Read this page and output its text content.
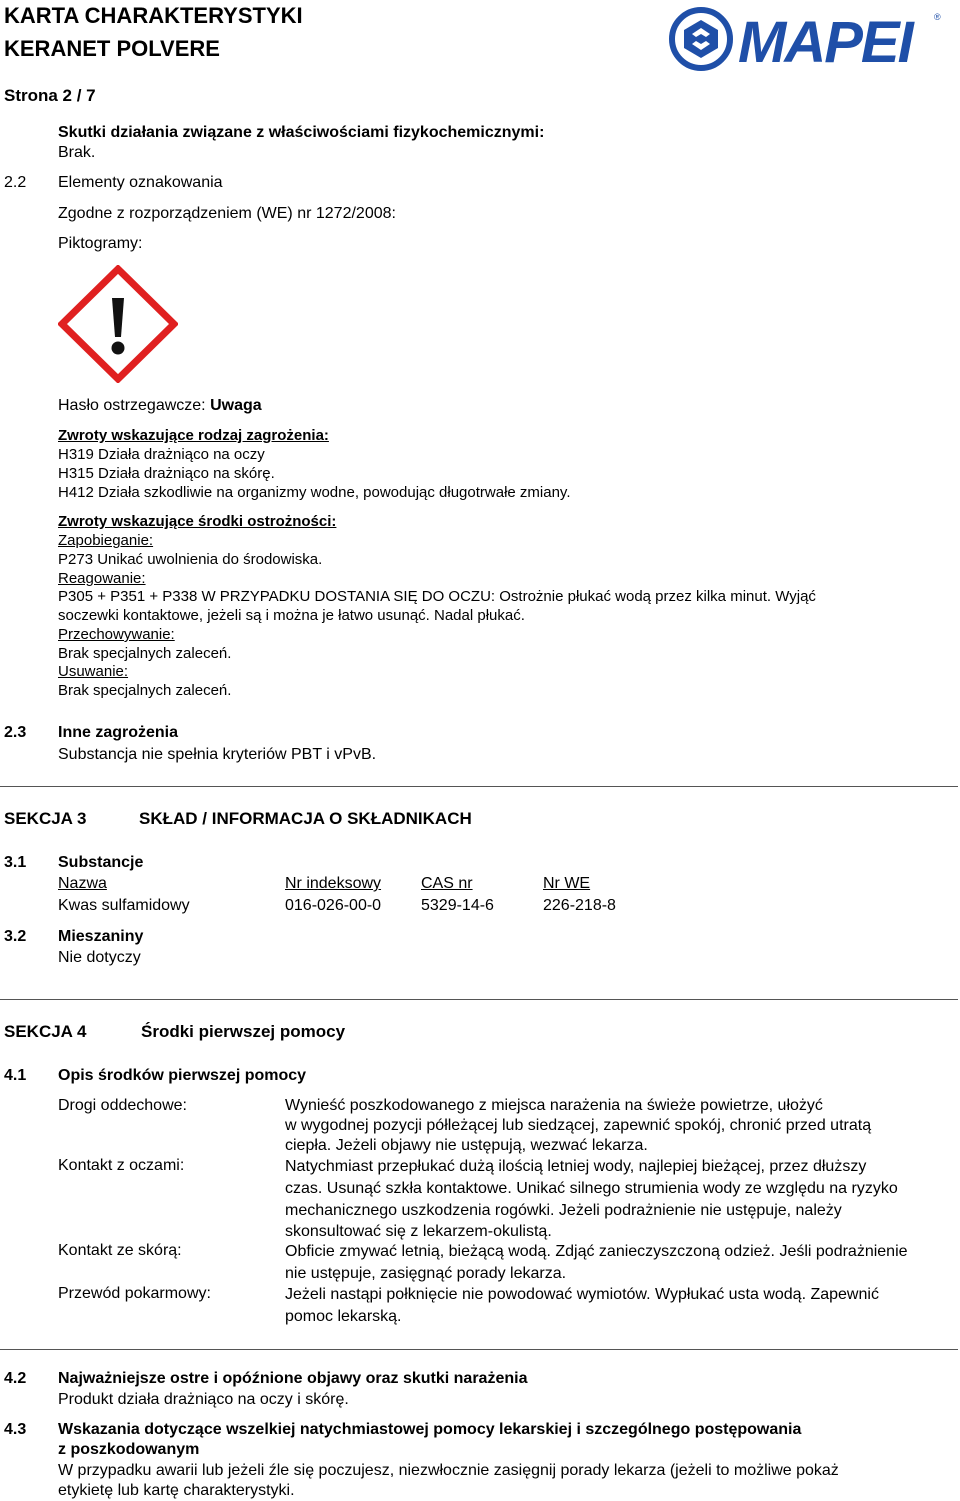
KARTA CHARAKTERYSTYKI
KERANET POLVERE
Strona 2 / 7
MAPEI	®
Skutki działania związane z właściwościami fizykochemicznymi:
Brak.
2.2 Elementy oznakowania
Zgodne z rozporządzeniem (WE) nr 1272/2008:
Piktogramy:
Hasło ostrzegawcze: Uwaga
Zwroty wskazujące rodzaj zagrożenia:
H319 Działa drażniąco na oczy
H315 Działa drażniąco na skórę.
H412 Działa szkodliwie na organizmy wodne, powodując długotrwałe zmiany.
Zwroty wskazujące środki ostrożności:
Zapobieganie:
P273 Unikać uwolnienia do środowiska.
Reagowanie:
P305 + P351 + P338 W PRZYPADKU DOSTANIA SIĘ DO OCZU: Ostrożnie płukać wodą przez kilka minut. Wyjąć
soczewki kontaktowe, jeżeli są i można je łatwo usunąć. Nadal płukać.
Przechowywanie:
Brak specjalnych zaleceń.
Usuwanie:
Brak specjalnych zaleceń.
2.3 Inne zagrożenia
Substancja nie spełnia kryteriów PBT i vPvB.
SEKCJA 3	SKŁAD / INFORMACJA O SKŁADNIKACH
3.1 Substancje
Nazwa	Nr indeksowy CAS nr	Nr WE
Kwas sulfamidowy	016-026-00-0 5329-14-6	226-218-8
3.2 Mieszaniny
Nie dotyczy
SEKCJA 4	Środki pierwszej pomocy
4.1 Opis środków pierwszej pomocy
Drogi oddechowe:	Wynieść poszkodowanego z miejsca narażenia na świeże powietrze, ułożyć
w wygodnej pozycji półleżącej lub siedzącej, zapewnić spokój, chronić przed utratą
ciepła. Jeżeli objawy nie ustępują, wezwać lekarza.
Kontakt z oczami:	Natychmiast przepłukać dużą ilością letniej wody, najlepiej bieżącej, przez dłuższy
czas. Usunąć szkła kontaktowe. Unikać silnego strumienia wody ze względu na ryzyko
mechanicznego uszkodzenia rogówki. Jeżeli podrażnienie nie ustępuje, należy
skonsultować się z lekarzem-okulistą.
Kontakt ze skórą:	Obficie zmywać letnią, bieżącą wodą. Zdjąć zanieczyszczoną odzież. Jeśli podrażnienie
nie ustępuje, zasięgnąć porady lekarza.
Przewód pokarmowy:	Jeżeli nastąpi połknięcie nie powodować wymiotów. Wypłukać usta wodą. Zapewnić
pomoc lekarską.
4.2 Najważniejsze ostre i opóźnione objawy oraz skutki narażenia
Produkt działa drażniąco na oczy i skórę.
4.3 Wskazania dotyczące wszelkiej natychmiastowej pomocy lekarskiej i szczególnego postępowania
z poszkodowanym
W przypadku awarii lub jeżeli źle się poczujesz, niezwłocznie zasięgnij porady lekarza (jeżeli to możliwe pokaż
etykietę lub kartę charakterystyki.
